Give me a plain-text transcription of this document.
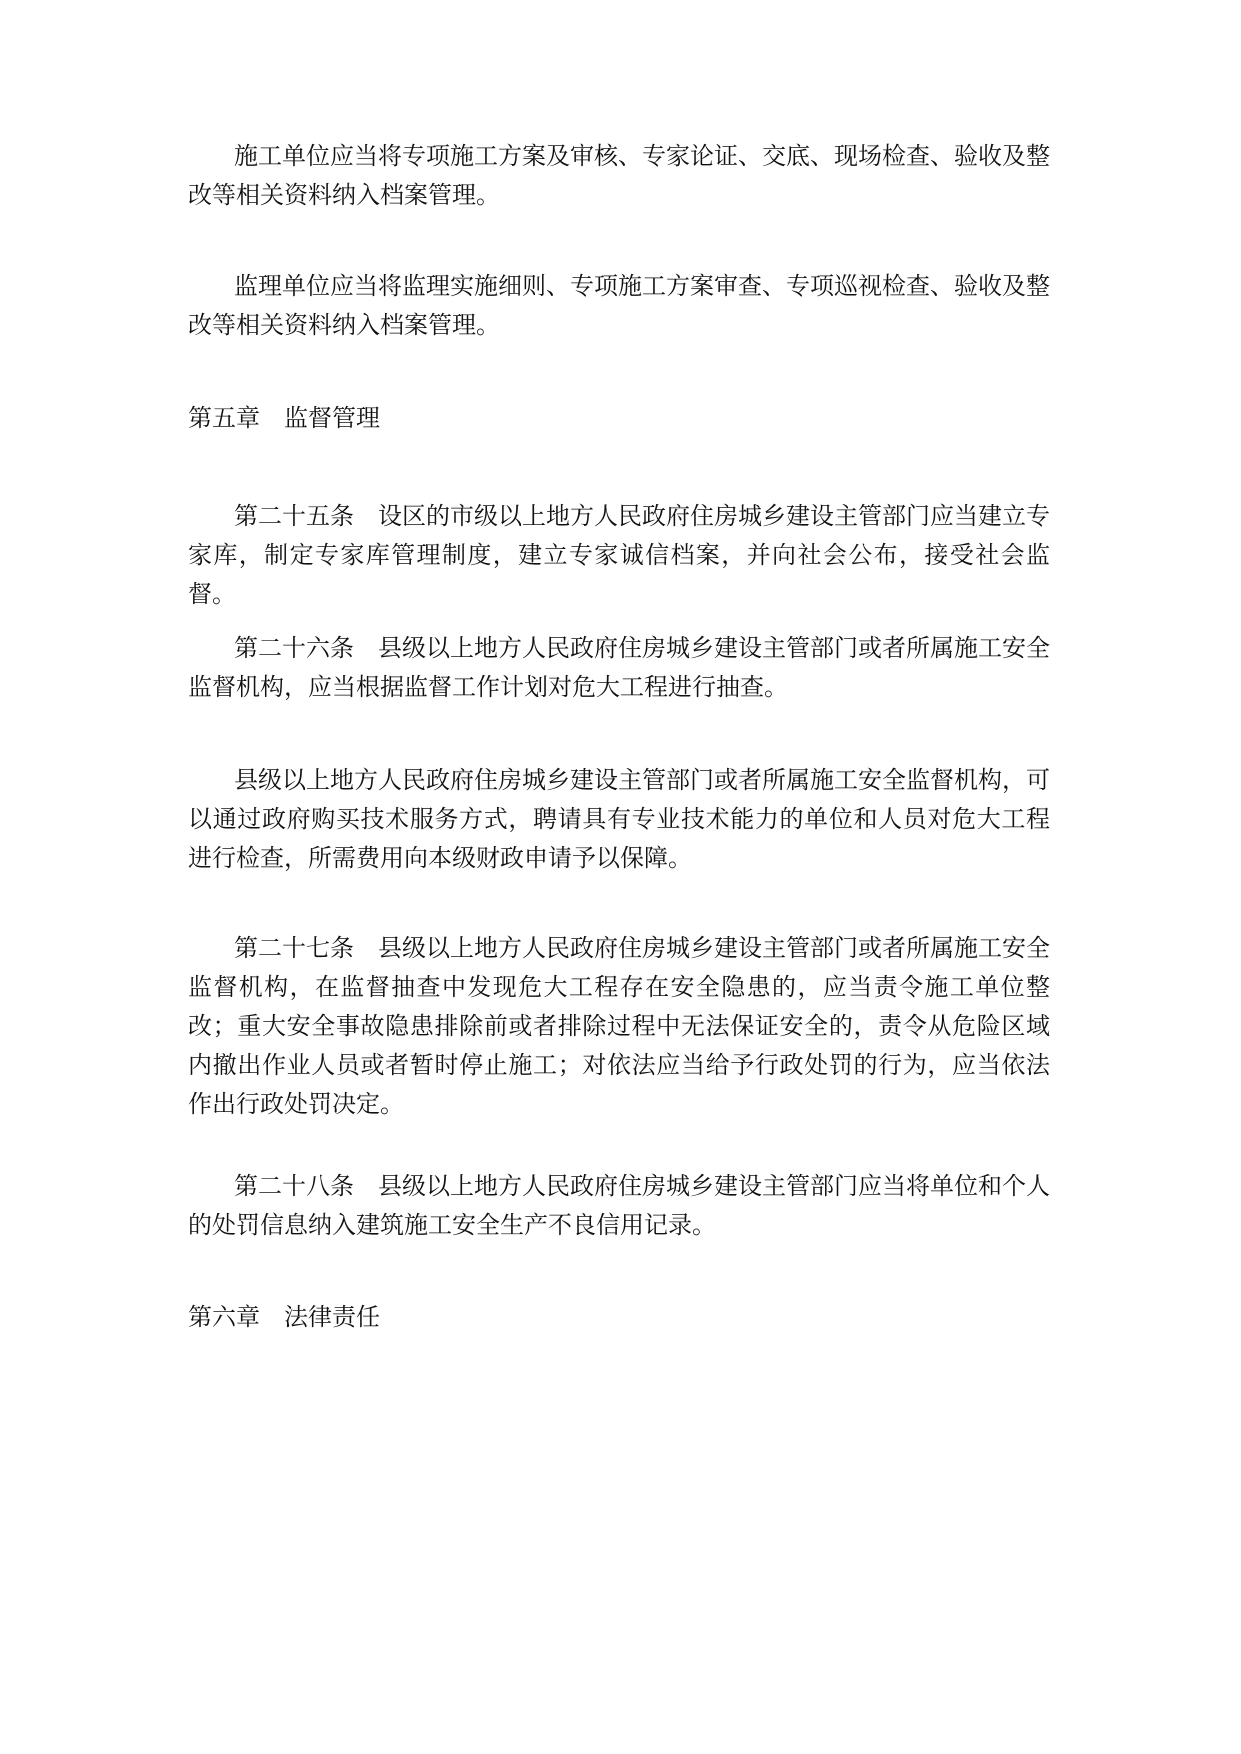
施工单位应当将专项施工方案及审核、专家论证、交底、现场检查、验收及整改等相关资料纳入档案管理。

监理单位应当将监理实施细则、专项施工方案审查、专项巡视检查、验收及整改等相关资料纳入档案管理。

第五章 监督管理

第二十五条 设区的市级以上地方人民政府住房城乡建设主管部门应当建立专家库，制定专家库管理制度，建立专家诚信档案，并向社会公布，接受社会监督。

第二十六条 县级以上地方人民政府住房城乡建设主管部门或者所属施工安全监督机构，应当根据监督工作计划对危大工程进行抽查。

县级以上地方人民政府住房城乡建设主管部门或者所属施工安全监督机构，可以通过政府购买技术服务方式，聘请具有专业技术能力的单位和人员对危大工程进行检查，所需费用向本级财政申请予以保障。

第二十七条 县级以上地方人民政府住房城乡建设主管部门或者所属施工安全监督机构，在监督抽查中发现危大工程存在安全隐患的，应当责令施工单位整改；重大安全事故隐患排除前或者排除过程中无法保证安全的，责令从危险区域内撤出作业人员或者暂时停止施工；对依法应当给予行政处罚的行为，应当依法作出行政处罚决定。

第二十八条 县级以上地方人民政府住房城乡建设主管部门应当将单位和个人的处罚信息纳入建筑施工安全生产不良信用记录。

第六章 法律责任
